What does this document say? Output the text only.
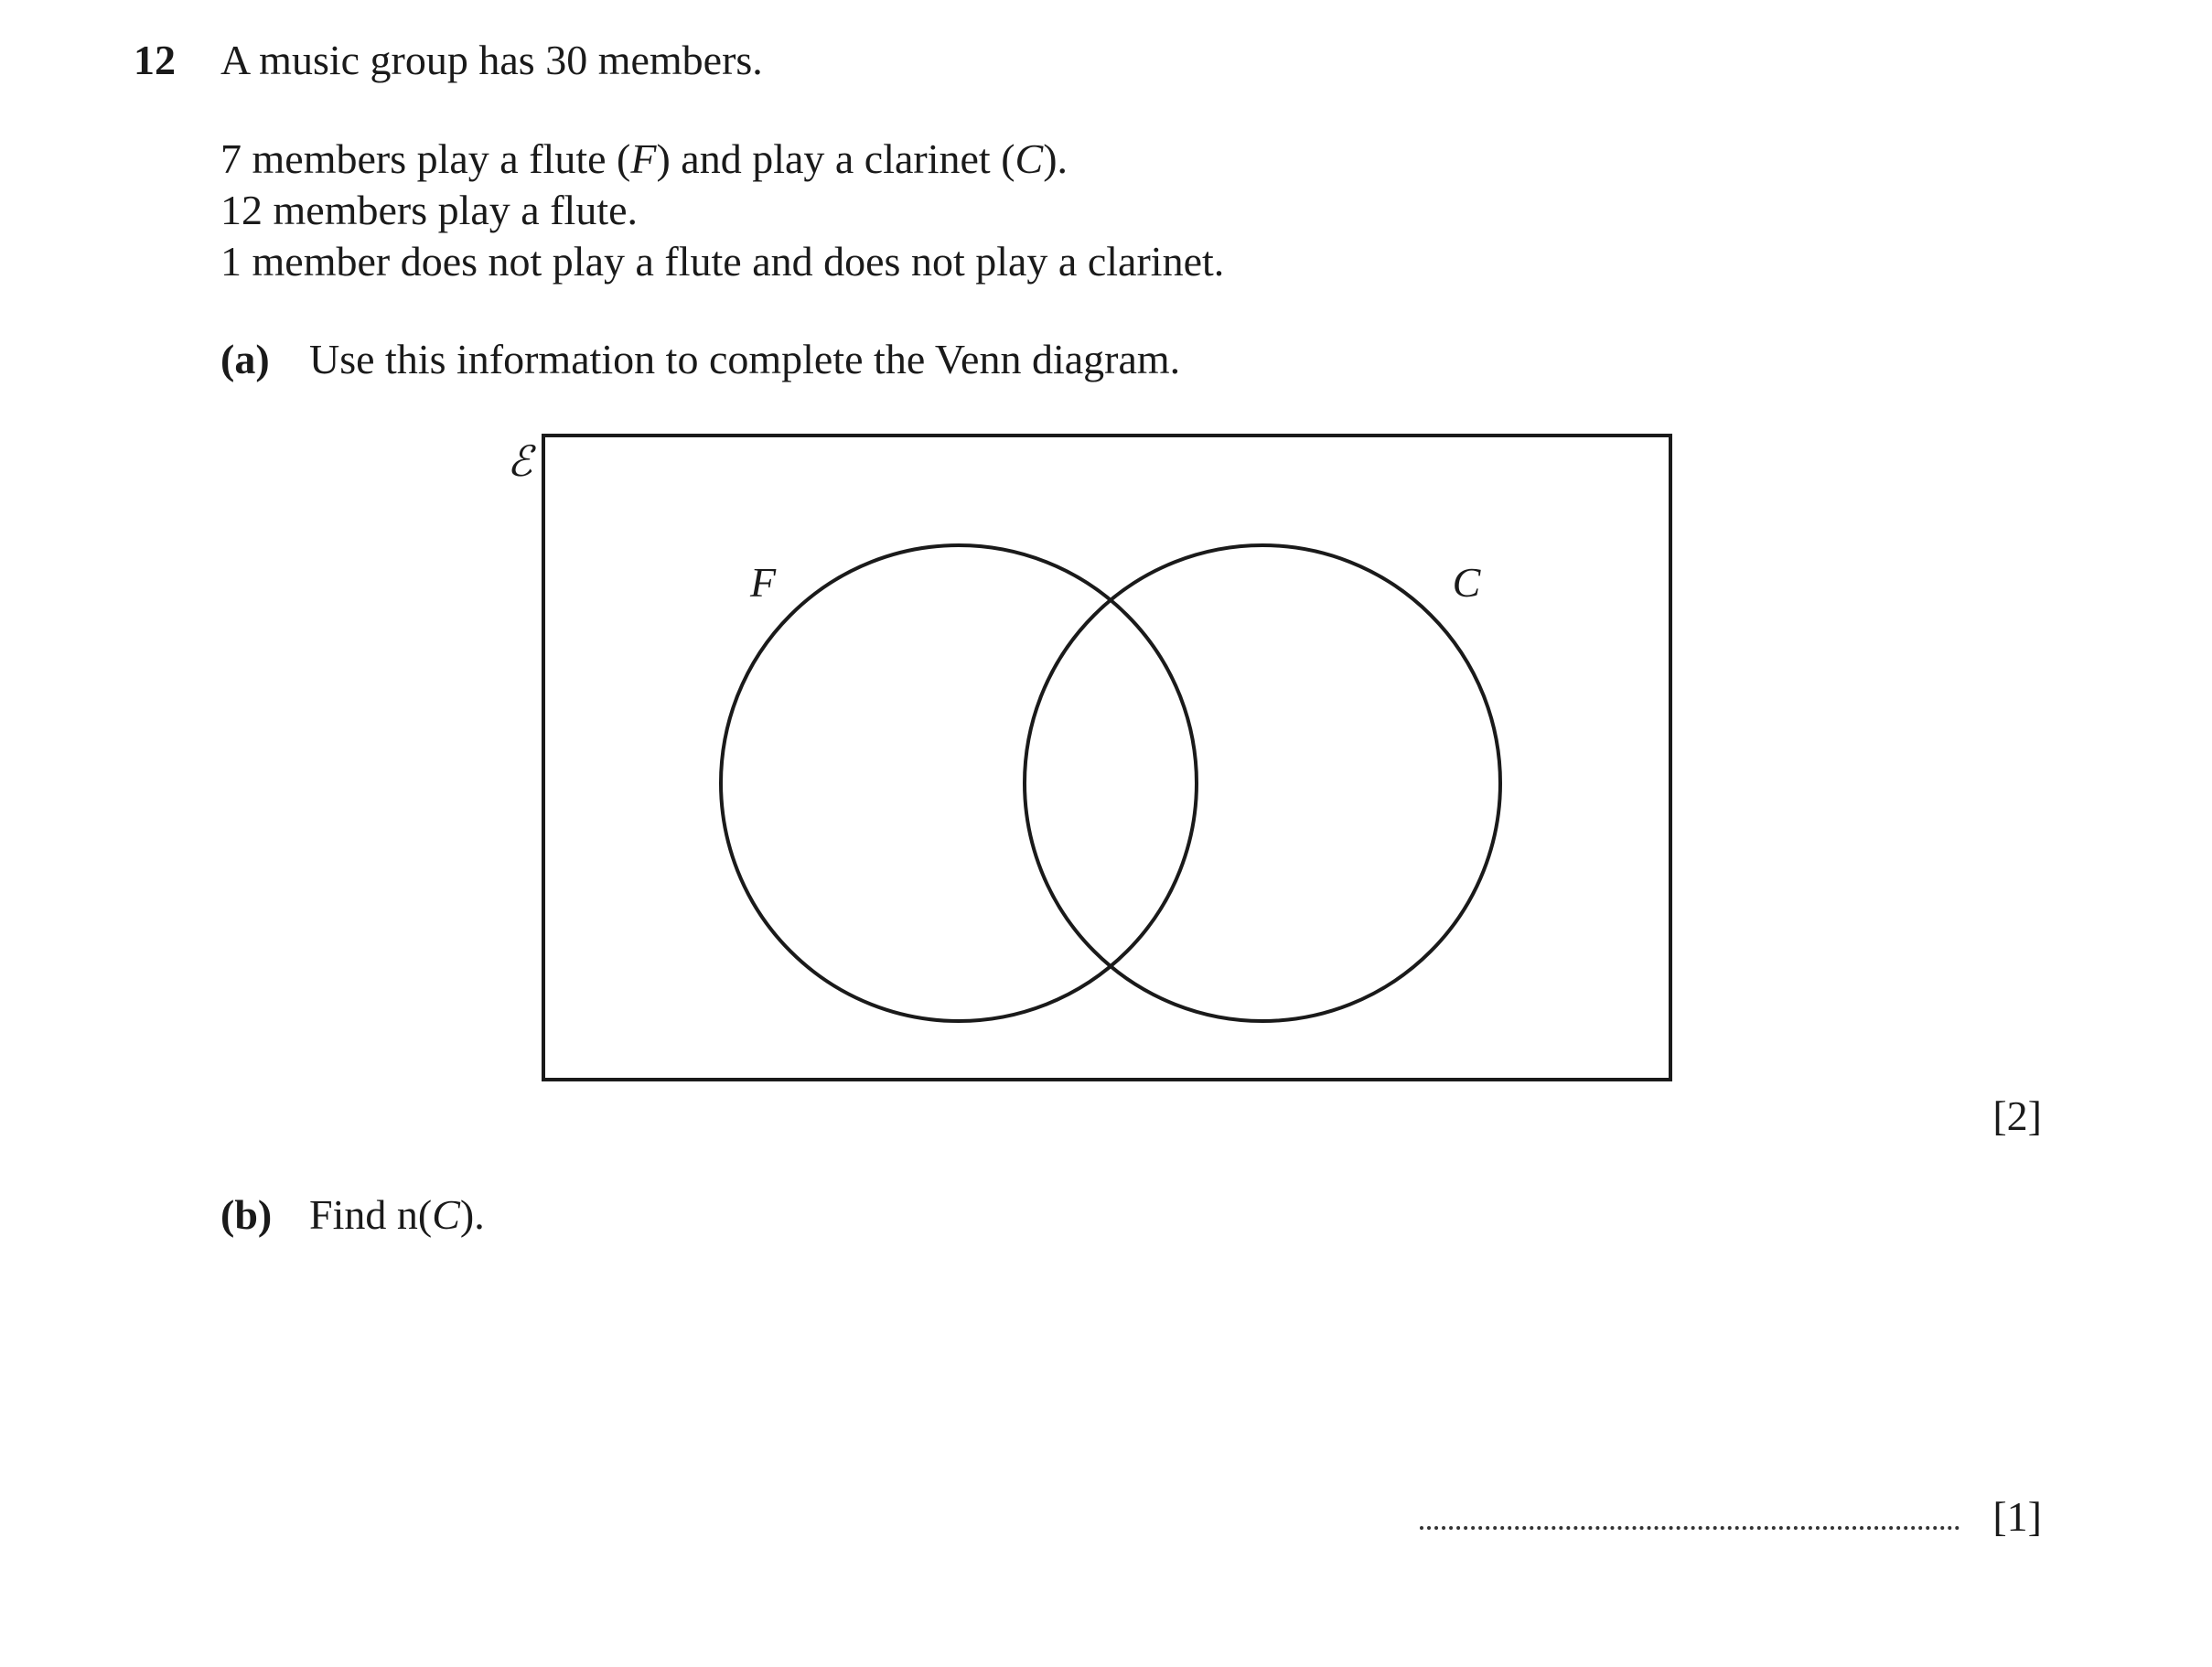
12 A music group has 30 members.
7 members play a flute (F) and play a clarinet (C).
12 members play a flute.
1 member does not play a flute and does not play a clarinet.
(a) Use this information to complete the Venn diagram.
ℰ
F	C
[2]
(b) Find n(C).
[1]
